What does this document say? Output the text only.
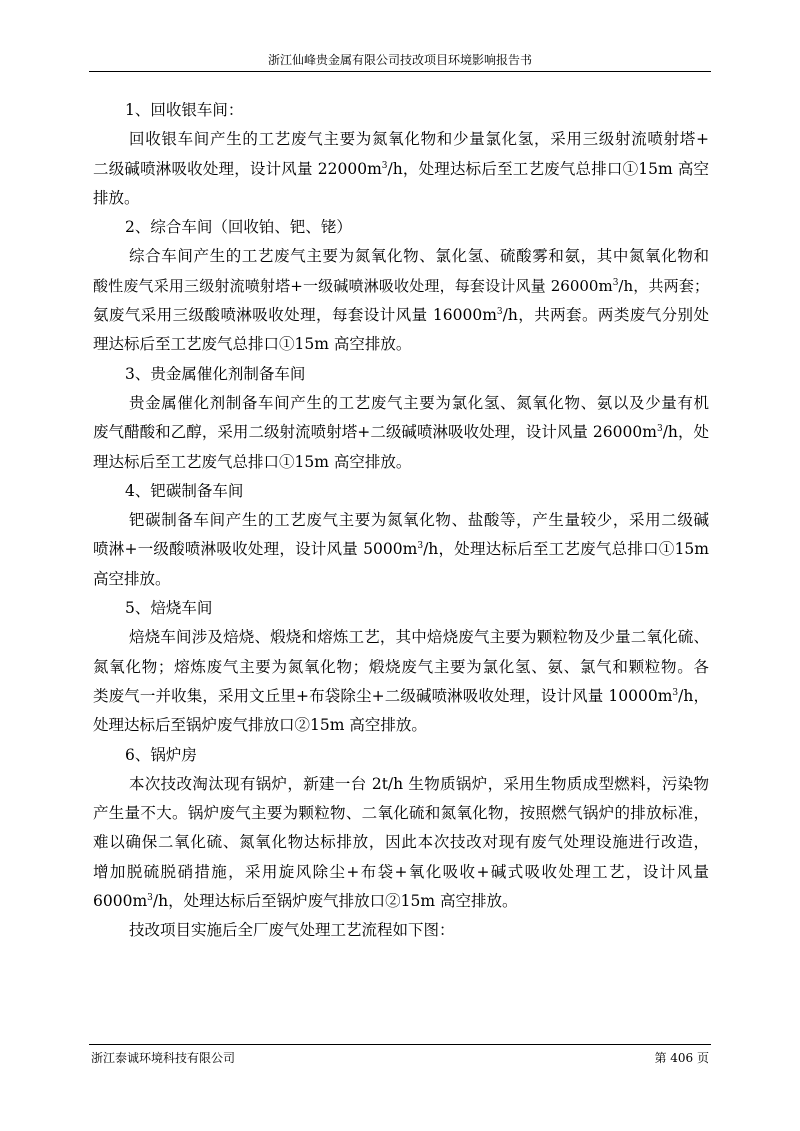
浙江仙峰贵金属有限公司技改项目环境影响报告书
1、回收银车间：
回收银车间产生的工艺废气主要为氮氧化物和少量氯化氢，采用三级射流喷射塔+
二级碱喷淋吸收处理，设计风量 $22000m^3/h$，处理达标后至工艺废气总排口①15m 高空
排放。
2、综合车间（回收铂、钯、铑）
综合车间产生的工艺废气主要为氮氧化物、氯化氢、硫酸雾和氨，其中氮氧化物和
酸性废气采用三级射流喷射塔+一级碱喷淋吸收处理，每套设计风量 $26000m^3/h$，共两套；
氨废气采用三级酸喷淋吸收处理，每套设计风量 $16000m^3/h$，共两套。两类废气分别处
理达标后至工艺废气总排口①15m 高空排放。
3、贵金属催化剂制备车间
贵金属催化剂制备车间产生的工艺废气主要为氯化氢、氮氧化物、氨以及少量有机
废气醋酸和乙醇，采用二级射流喷射塔+二级碱喷淋吸收处理，设计风量 $26000m^3/h$，处
理达标后至工艺废气总排口①15m 高空排放。
4、钯碳制备车间
钯碳制备车间产生的工艺废气主要为氮氧化物、盐酸等，产生量较少，采用二级碱
喷淋+一级酸喷淋吸收处理，设计风量 $5000m^3/h$，处理达标后至工艺废气总排口①15m
高空排放。
5、焙烧车间
焙烧车间涉及焙烧、煅烧和熔炼工艺，其中焙烧废气主要为颗粒物及少量二氧化硫、
氮氧化物；熔炼废气主要为氮氧化物；煅烧废气主要为氯化氢、氨、氯气和颗粒物。各
类废气一并收集，采用文丘里+布袋除尘+二级碱喷淋吸收处理，设计风量 $10000m^3/h$，
处理达标后至锅炉废气排放口②15m 高空排放。
6、锅炉房
本次技改淘汰现有锅炉，新建一台 2t/h 生物质锅炉，采用生物质成型燃料，污染物
产生量不大。锅炉废气主要为颗粒物、二氧化硫和氮氧化物，按照燃气锅炉的排放标准，
难以确保二氧化硫、氮氧化物达标排放，因此本次技改对现有废气处理设施进行改造，
增加脱硫脱硝措施，采用旋风除尘+布袋+氧化吸收+碱式吸收处理工艺，设计风量
$6000m^3/h$，处理达标后至锅炉废气排放口②15m 高空排放。
技改项目实施后全厂废气处理工艺流程如下图：
浙江泰诚环境科技有限公司	第 406 页
